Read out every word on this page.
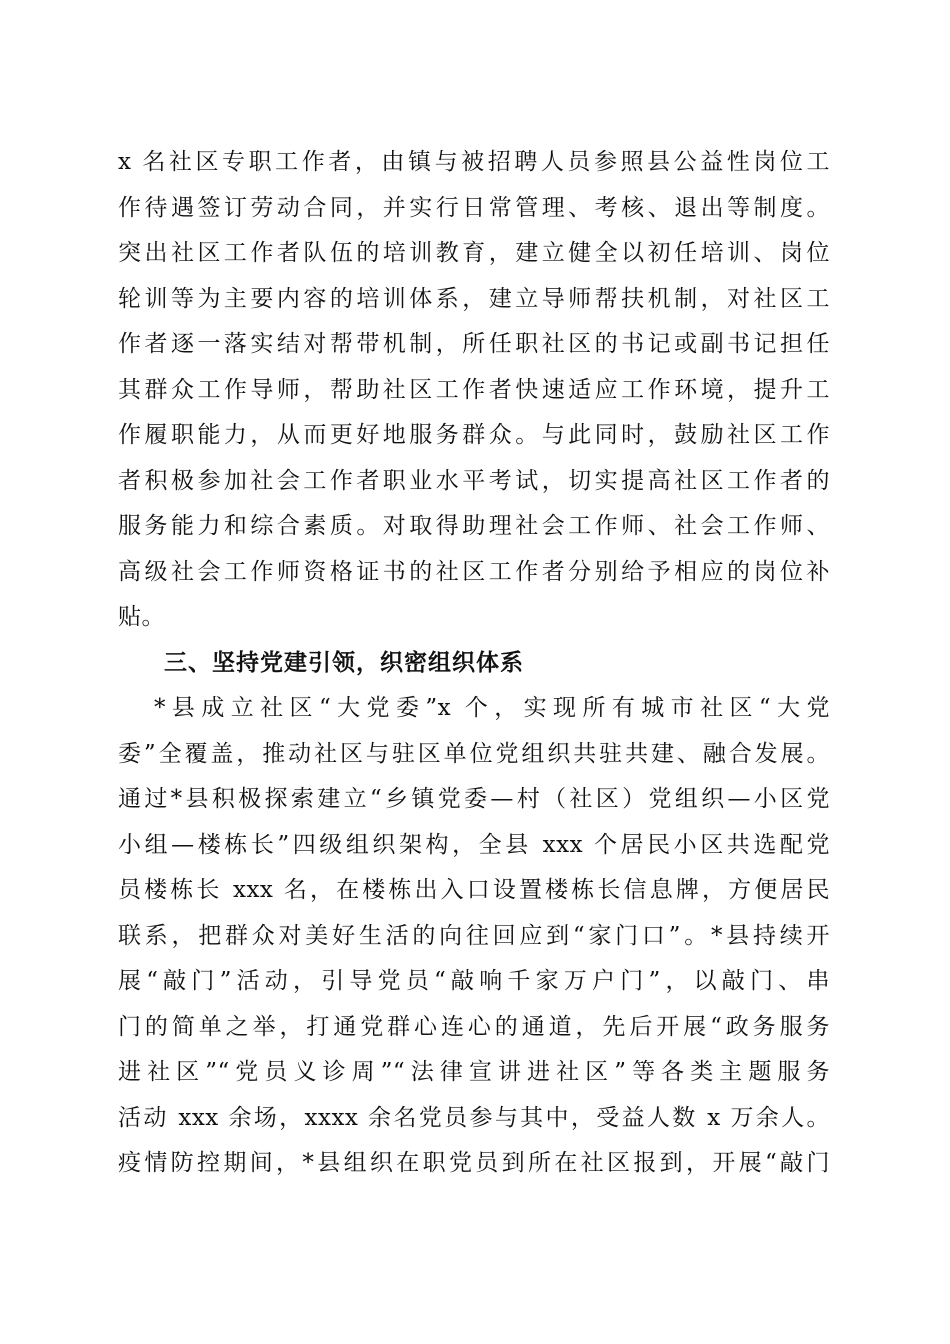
x 名社区专职工作者，由镇与被招聘人员参照县公益性岗位工
作待遇签订劳动合同，并实行日常管理、考核、退出等制度。
突出社区工作者队伍的培训教育，建立健全以初任培训、岗位
轮训等为主要内容的培训体系，建立导师帮扶机制，对社区工
作者逐一落实结对帮带机制，所任职社区的书记或副书记担任
其群众工作导师，帮助社区工作者快速适应工作环境，提升工
作履职能力，从而更好地服务群众。与此同时，鼓励社区工作
者积极参加社会工作者职业水平考试，切实提高社区工作者的
服务能力和综合素质。对取得助理社会工作师、社会工作师、
高级社会工作师资格证书的社区工作者分别给予相应的岗位补
贴。
三、坚持党建引领，织密组织体系
*县成立社区“大党委”x 个，实现所有城市社区“大党
委”全覆盖，推动社区与驻区单位党组织共驻共建、融合发展。
通过*县积极探索建立“乡镇党委—村（社区）党组织—小区党
小组—楼栋长”四级组织架构，全县 xxx 个居民小区共选配党
员楼栋长 xxx 名，在楼栋出入口设置楼栋长信息牌，方便居民
联系，把群众对美好生活的向往回应到“家门口”。*县持续开
展“敲门”活动，引导党员“敲响千家万户门”，以敲门、串
门的简单之举，打通党群心连心的通道，先后开展“政务服务
进社区”“党员义诊周”“法律宣讲进社区”等各类主题服务
活动 xxx 余场，xxxx 余名党员参与其中，受益人数 x 万余人。
疫情防控期间，*县组织在职党员到所在社区报到，开展“敲门
